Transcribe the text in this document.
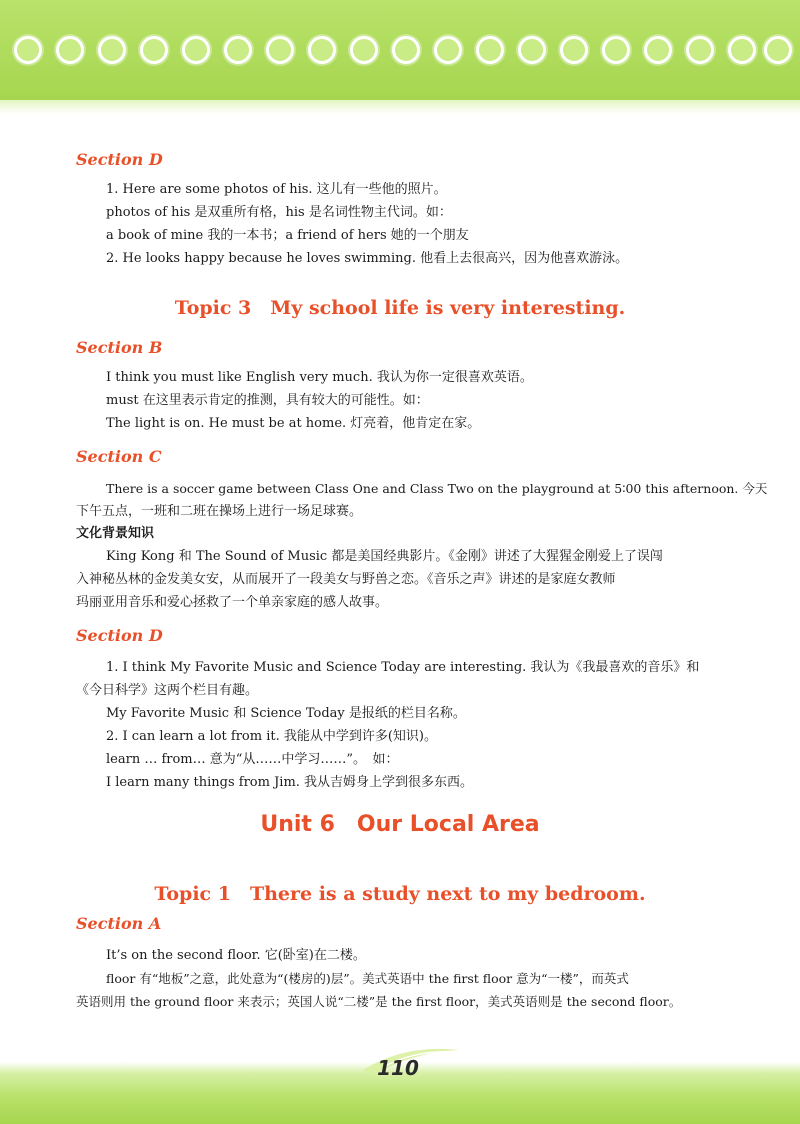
Section D

1. Here are some photos of his. 这儿有一些他的照片。

photos of his 是双重所有格，his 是名词性物主代词。如：

a book of mine 我的一本书；a friend of hers 她的一个朋友

2. He looks happy because he loves swimming. 他看上去很高兴，因为他喜欢游泳。

Topic 3　My school life is very interesting.

Section B

I think you must like English very much. 我认为你一定很喜欢英语。

must 在这里表示肯定的推测，具有较大的可能性。如：

The light is on. He must be at home. 灯亮着，他肯定在家。

Section C

There is a soccer game between Class One and Class Two on the playground at 5∶00 this afternoon. 今天

下午五点，一班和二班在操场上进行一场足球赛。

文化背景知识

King Kong 和 The Sound of Music 都是美国经典影片。《金刚》讲述了大猩猩金刚爱上了误闯

入神秘丛林的金发美女安，从而展开了一段美女与野兽之恋。《音乐之声》讲述的是家庭女教师

玛丽亚用音乐和爱心拯救了一个单亲家庭的感人故事。

Section D

1. I think My Favorite Music and Science Today are interesting. 我认为《我最喜欢的音乐》和

《今日科学》这两个栏目有趣。

My Favorite Music 和 Science Today 是报纸的栏目名称。

2. I can learn a lot from it. 我能从中学到许多(知识)。

learn … from… 意为“从……中学习……”。　如：

I learn many things from Jim. 我从吉姆身上学到很多东西。

Unit 6　Our Local Area

Topic 1　There is a study next to my bedroom.

Section A

It’s on the second floor. 它(卧室)在二楼。

floor 有“地板”之意，此处意为“(楼房的)层”。美式英语中 the first floor 意为“一楼”，而英式

英语则用 the ground floor 来表示；英国人说“二楼”是 the first floor，美式英语则是 the second floor。

110
